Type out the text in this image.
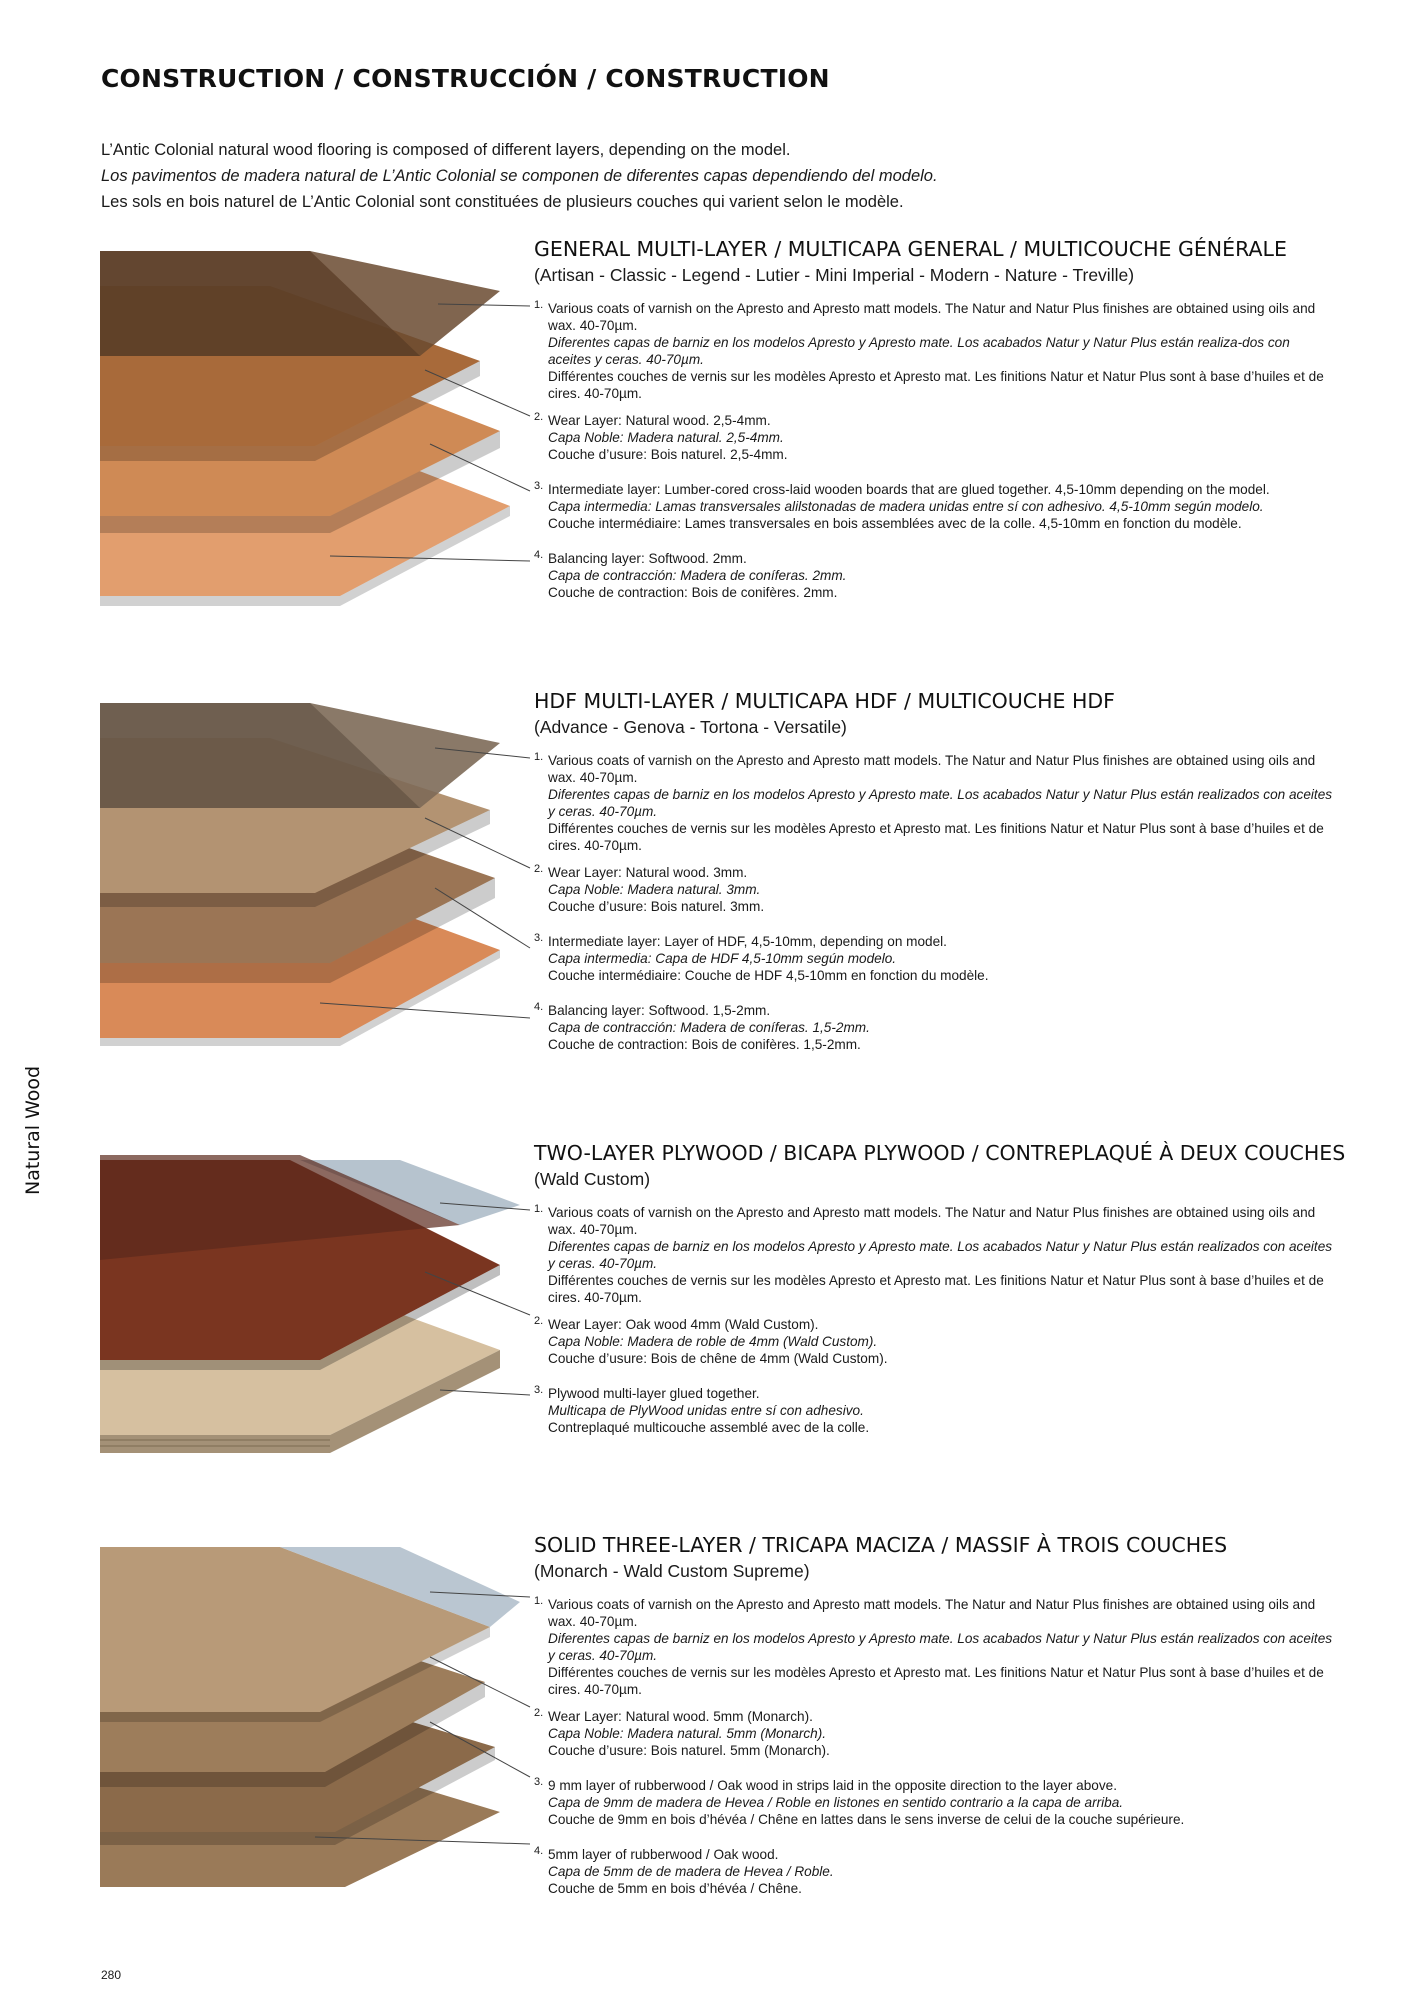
CONSTRUCTION / CONSTRUCCIÓN / CONSTRUCTION

L’Antic Colonial natural wood flooring is composed of different layers, depending on the model.

Los pavimentos de madera natural de L’Antic Colonial se componen de diferentes capas dependiendo del modelo.

Les sols en bois naturel de L’Antic Colonial sont constituées de plusieurs couches qui varient selon le modèle.

Natural Wood
GENERAL MULTI-LAYER / MULTICAPA GENERAL / MULTICOUCHE GÉNÉRALE
(Artisan - Classic - Legend - Lutier - Mini Imperial - Modern - Nature - Treville)
1. Various coats of varnish on the Apresto and Apresto matt models. The Natur and Natur Plus finishes are obtained using oils and wax. 40-70µm.
Diferentes capas de barniz en los modelos Apresto y Apresto mate. Los acabados Natur y Natur Plus están realiza-dos con aceites y ceras. 40-70µm.
Différentes couches de vernis sur les modèles Apresto et Apresto mat. Les finitions Natur et Natur Plus sont à base d’huiles et de cires. 40-70µm.
2. Wear Layer: Natural wood. 2,5-4mm.
Capa Noble: Madera natural. 2,5-4mm.
Couche d’usure: Bois naturel. 2,5-4mm.
3. Intermediate layer: Lumber-cored cross-laid wooden boards that are glued together. 4,5-10mm depending on the model.
Capa intermedia: Lamas transversales alilstonadas de madera unidas entre sí con adhesivo. 4,5-10mm según modelo.
Couche intermédiaire: Lames transversales en bois assemblées avec de la colle. 4,5-10mm en fonction du modèle.
4. Balancing layer: Softwood. 2mm.
Capa de contracción: Madera de coníferas. 2mm.
Couche de contraction: Bois de conifères. 2mm.
HDF MULTI-LAYER / MULTICAPA HDF / MULTICOUCHE HDF
(Advance - Genova - Tortona - Versatile)
1. Various coats of varnish on the Apresto and Apresto matt models. The Natur and Natur Plus finishes are obtained using oils and wax. 40-70µm.
Diferentes capas de barniz en los modelos Apresto y Apresto mate. Los acabados Natur y Natur Plus están realizados con aceites y ceras. 40-70µm.
Différentes couches de vernis sur les modèles Apresto et Apresto mat. Les finitions Natur et Natur Plus sont à base d’huiles et de cires. 40-70µm.
2. Wear Layer: Natural wood. 3mm.
Capa Noble: Madera natural. 3mm.
Couche d’usure: Bois naturel. 3mm.
3. Intermediate layer: Layer of HDF, 4,5-10mm, depending on model.
Capa intermedia: Capa de HDF 4,5-10mm según modelo.
Couche intermédiaire: Couche de HDF 4,5-10mm en fonction du modèle.
4. Balancing layer: Softwood. 1,5-2mm.
Capa de contracción: Madera de coníferas. 1,5-2mm.
Couche de contraction: Bois de conifères. 1,5-2mm.
TWO-LAYER PLYWOOD / BICAPA PLYWOOD / CONTREPLAQUÉ À DEUX COUCHES
(Wald Custom)
1. Various coats of varnish on the Apresto and Apresto matt models. The Natur and Natur Plus finishes are obtained using oils and wax. 40-70µm.
Diferentes capas de barniz en los modelos Apresto y Apresto mate. Los acabados Natur y Natur Plus están realizados con aceites y ceras. 40-70µm.
Différentes couches de vernis sur les modèles Apresto et Apresto mat. Les finitions Natur et Natur Plus sont à base d’huiles et de cires. 40-70µm.
2. Wear Layer: Oak wood 4mm (Wald Custom).
Capa Noble: Madera de roble de 4mm (Wald Custom).
Couche d’usure: Bois de chêne de 4mm (Wald Custom).
3. Plywood multi-layer glued together.
Multicapa de PlyWood unidas entre sí con adhesivo.
Contreplaqué multicouche assemblé avec de la colle.
SOLID THREE-LAYER / TRICAPA MACIZA / MASSIF À TROIS COUCHES
(Monarch - Wald Custom Supreme)
1. Various coats of varnish on the Apresto and Apresto matt models. The Natur and Natur Plus finishes are obtained using oils and wax. 40-70µm.
Diferentes capas de barniz en los modelos Apresto y Apresto mate. Los acabados Natur y Natur Plus están realizados con aceites y ceras. 40-70µm.
Différentes couches de vernis sur les modèles Apresto et Apresto mat. Les finitions Natur et Natur Plus sont à base d’huiles et de cires. 40-70µm.
2. Wear Layer: Natural wood. 5mm (Monarch).
Capa Noble: Madera natural. 5mm (Monarch).
Couche d’usure: Bois naturel. 5mm (Monarch).
3. 9 mm layer of rubberwood / Oak wood in strips laid in the opposite direction to the layer above.
Capa de 9mm de madera de Hevea / Roble en listones en sentido contrario a la capa de arriba.
Couche de 9mm en bois d’hévéa / Chêne en lattes dans le sens inverse de celui de la couche supérieure.
4. 5mm layer of rubberwood / Oak wood.
Capa de 5mm de de madera de Hevea / Roble.
Couche de 5mm en bois d’hévéa / Chêne.
280
